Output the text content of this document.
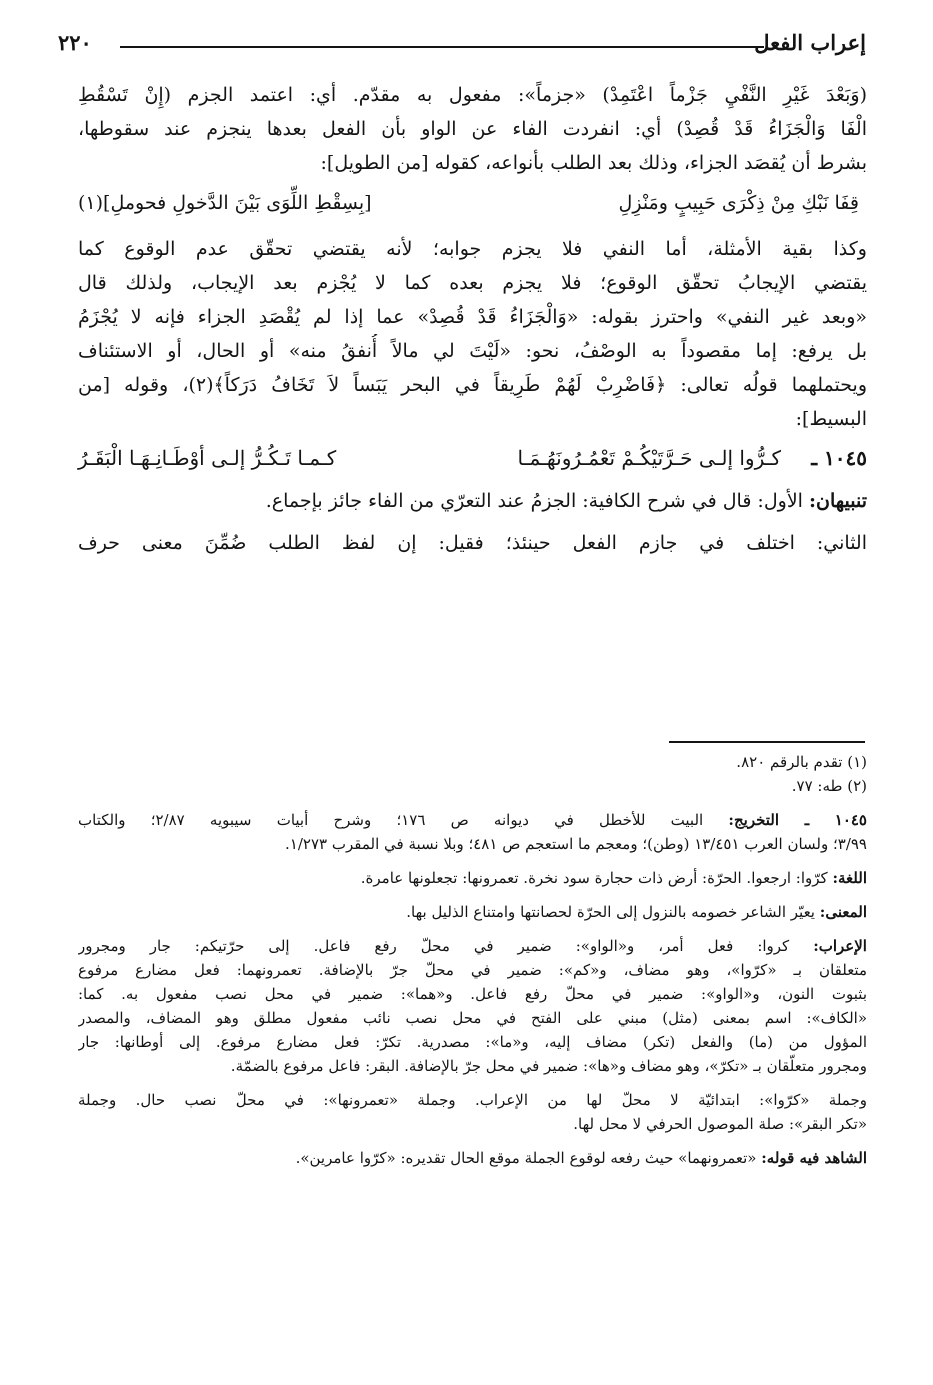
إعراب الفعل
٢٢٠
(وَبَعْدَ غَيْرِ النَّفْيِ جَزْماً اعْتَمِدْ) «جزماً»: مفعول به مقدّم. أي: اعتمد الجزم (إِنْ تَسْقُطِ
الْفَا وَالْجَزَاءُ قَدْ قُصِدْ) أي: انفردت الفاء عن الواو بأن الفعل بعدها ينجزم عند سقوطها،
بشرط أن يُقصَد الجزاء، وذلك بعد الطلب بأنواعه، كقوله [من الطويل]:
قِفَا نَبْكِ مِنْ ذِكْرَى حَبِيبٍ ومَنْزِلِ
[بِسِقْطِ اللِّوَى بَيْنَ الدَّخولِ فحوملِ](١)
وكذا بقية الأمثلة، أما النفي فلا يجزم جوابه؛ لأنه يقتضي تحقّق عدم الوقوع كما
يقتضي الإيجابُ تحقّق الوقوع؛ فلا يجزم بعده كما لا يُجْزم بعد الإيجاب، ولذلك قال
«وبعد غير النفي» واحترز بقوله: «وَالْجَزَاءُ قَدْ قُصِدْ» عما إذا لم يُقْصَدِ الجزاء فإنه لا يُجْزَمُ
بل يرفع: إما مقصوداً به الوصْفُ، نحو: «لَيْتَ لي مالاً أُنفقُ منه» أو الحال، أو الاستئناف
ويحتملهما قولُه تعالى: ﴿فَاضْرِبْ لَهُمْ طَرِيقاً في البحر يَبَساً لاَ تَخَافُ دَرَكاً﴾(٢)، وقوله [من
البسيط]:
١٠٤٥ ـ
كـرُّوا إلـى حَـرَّتَيْكُـمْ تَعْمُـرُونَهُـمَـا
كـمـا تَـكُـرُّ إلـى أوْطَـانِـهَـا الْبَقَـرُ
تنبيهان: الأول: قال في شرح الكافية: الجزمُ عند التعرّي من الفاء جائز بإجماع.
الثاني: اختلف في جازم الفعل حينئذ؛ فقيل: إن لفظ الطلب ضُمِّنَ معنى حرف
(١) تقدم بالرقم ٨٢٠.
(٢) طه: ٧٧.
١٠٤٥ ـ التخريج: البيت للأخطل في ديوانه ص ١٧٦؛ وشرح أبيات سيبويه ٢/٨٧؛ والكتاب
٣/٩٩؛ ولسان العرب ١٣/٤٥١ (وطن)؛ ومعجم ما استعجم ص ٤٨١؛ وبلا نسبة في المقرب ١/٢٧٣.
اللغة: كرّوا: ارجعوا. الحرّة: أرض ذات حجارة سود نخرة. تعمرونها: تجعلونها عامرة.
المعنى: يعيّر الشاعر خصومه بالنزول إلى الحرّة لحصانتها وامتناع الذليل بها.
الإعراب: كروا: فعل أمر، و«الواو»: ضمير في محلّ رفع فاعل. إلى حرّتيكم: جار ومجرور
متعلقان بـ «كرّوا»، وهو مضاف، و«كم»: ضمير في محلّ جرّ بالإضافة. تعمرونهما: فعل مضارع مرفوع
بثبوت النون، و«الواو»: ضمير في محلّ رفع فاعل. و«هما»: ضمير في محل نصب مفعول به. كما:
«الكاف»: اسم بمعنى (مثل) مبني على الفتح في محل نصب نائب مفعول مطلق وهو المضاف، والمصدر
المؤول من (ما) والفعل (تكر) مضاف إليه، و«ما»: مصدرية. تكرّ: فعل مضارع مرفوع. إلى أوطانها: جار
ومجرور متعلّقان بـ «تكرّ»، وهو مضاف و«ها»: ضمير في محل جرّ بالإضافة. البقر: فاعل مرفوع بالضمّة.
وجملة «كرّوا»: ابتدائيّة لا محلّ لها من الإعراب. وجملة «تعمرونها»: في محلّ نصب حال. وجملة
«تكر البقر»: صلة الموصول الحرفي لا محل لها.
الشاهد فيه قوله: «تعمرونهما» حيث رفعه لوقوع الجملة موقع الحال تقديره: «كرّوا عامرين».
